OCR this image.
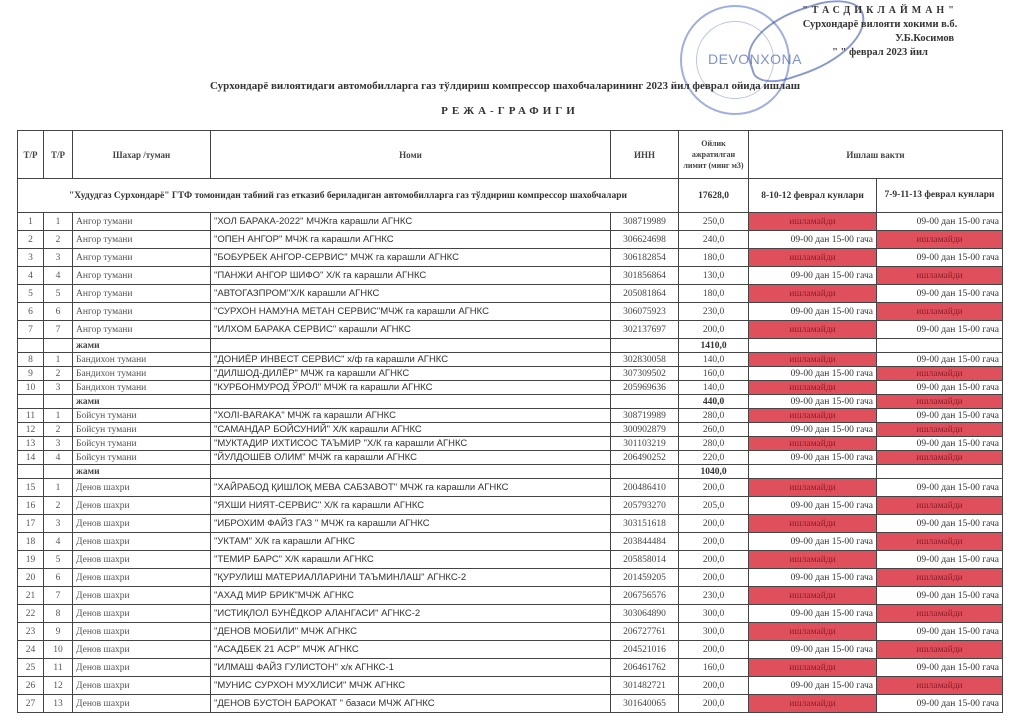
DEVONXONA
"ТАСДИКЛАЙМАН"
Сурхондарё вилояти хокими в.б.
У.Б.Косимов
" " феврал 2023 йил
Сурхондарё вилоятидаги автомобилларга газ тўлдириш компрессор шахобчаларининг 2023 йил феврал ойида ишлаш
РЕЖА-ГРАФИГИ
Т/Р	Т/Р	Шахар /туман	Номи	ИНН	Ойлик ажратилган лимит (минг м3)	Ишлаш вакти	
"Худудгаз Сурхондарё" ГТФ томонидан табиий газ етказиб бериладиган автомобилларга газ тўлдириш компрессор шахобчалари					17628,0	8-10-12 феврал кунлари	7-9-11-13 феврал кунлари
1	1	Ангор тумани	"ХОЛ БАРАКА-2022" МЧЖга карашли АГНКС	308719989	250,0	ишламайди	09-00 дан 15-00 гача
2	2	Ангор тумани	"ОПЕН АНГОР" МЧЖ га карашли АГНКС	306624698	240,0	09-00 дан 15-00 гача	ишламайди
3	3	Ангор тумани	"БОБУРБЕК АНГОР-СЕРВИС" МЧЖ га карашли АГНКС	306182854	180,0	ишламайди	09-00 дан 15-00 гача
4	4	Ангор тумани	"ПАНЖИ АНГОР ШИФО" Х/К га карашли АГНКС	301856864	130,0	09-00 дан 15-00 гача	ишламайди
5	5	Ангор тумани	"АВТОГАЗПРОМ"Х/К карашли АГНКС	205081864	180,0	ишламайди	09-00 дан 15-00 гача
6	6	Ангор тумани	"СУРХОН НАМУНА МЕТАН СЕРВИС"МЧЖ га карашли АГНКС	306075923	230,0	09-00 дан 15-00 гача	ишламайди
7	7	Ангор тумани	"ИЛХОМ БАРАКА СЕРВИС" карашли АГНКС	302137697	200,0	ишламайди	09-00 дан 15-00 гача
		жами			1410,0		
8	1	Бандихон тумани	"ДОНИЁР ИНВЕСТ СЕРВИС" х/ф га карашли АГНКС	302830058	140,0	ишламайди	09-00 дан 15-00 гача
9	2	Бандихон тумани	"ДИЛШОД-ДИЛЁР" МЧЖ га карашли АГНКС	307309502	160,0	09-00 дан 15-00 гача	ишламайди
10	3	Бандихон тумани	"КУРБОНМУРОД ЎРОЛ" МЧЖ га карашли АГНКС	205969636	140,0	ишламайди	09-00 дан 15-00 гача
		жами			440,0	09-00 дан 15-00 гача	ишламайди
11	1	Бойсун тумани	"ХОЛI-BARAKA" МЧЖ га карашли АГНКС	308719989	280,0	ишламайди	09-00 дан 15-00 гача
12	2	Бойсун тумани	"САМАНДАР БОЙСУНИЙ" Х/К карашли АГНКС	300902879	260,0	09-00 дан 15-00 гача	ишламайди
13	3	Бойсун тумани	"МУКТАДИР ИХТИСОС ТАЪМИР "Х/К га карашли АГНКС	301103219	280,0	ишламайди	09-00 дан 15-00 гача
14	4	Бойсун тумани	"ЙУЛДОШЕВ ОЛИМ" МЧЖ га карашли АГНКС	206490252	220,0	09-00 дан 15-00 гача	ишламайди
		жами			1040,0		
15	1	Денов шахри	"ХАЙРАБОД ҚИШЛОҚ МЕВА САБЗАВОТ" МЧЖ га карашли АГНКС	200486410	200,0	ишламайди	09-00 дан 15-00 гача
16	2	Денов шахри	"ЯХШИ НИЯТ-СЕРВИС" Х/К га карашли АГНКС	205793270	205,0	09-00 дан 15-00 гача	ишламайди
17	3	Денов шахри	"ИБРОХИМ ФАЙЗ ГАЗ " МЧЖ га карашли АГНКС	303151618	200,0	ишламайди	09-00 дан 15-00 гача
18	4	Денов шахри	"УКТАМ" Х/К га карашли АГНКС	203844484	200,0	09-00 дан 15-00 гача	ишламайди
19	5	Денов шахри	"ТЕМИР БАРС" Х/К карашли АГНКС	205858014	200,0	ишламайди	09-00 дан 15-00 гача
20	6	Денов шахри	"ҚУРУЛИШ МАТЕРИАЛЛАРИНИ ТАЪМИНЛАШ" АГНКС-2	201459205	200,0	09-00 дан 15-00 гача	ишламайди
21	7	Денов шахри	"АХАД МИР БРИК"МЧЖ АГНКС	206756576	230,0	ишламайди	09-00 дан 15-00 гача
22	8	Денов шахри	"ИСТИҚЛОЛ БУНЁДКОР АЛАНГАСИ" АГНКС-2	303064890	300,0	09-00 дан 15-00 гача	ишламайди
23	9	Денов шахри	"ДЕНОВ МОБИЛИ" МЧЖ АГНКС	206727761	300,0	ишламайди	09-00 дан 15-00 гача
24	10	Денов шахри	"АСАДБЕК 21 АСР" МЧЖ АГНКС	204521016	200,0	09-00 дан 15-00 гача	ишламайди
25	11	Денов шахри	"ИЛМАШ ФАЙЗ ГУЛИСТОН" х/к АГНКС-1	206461762	160,0	ишламайди	09-00 дан 15-00 гача
26	12	Денов шахри	"МУНИС СУРХОН МУХЛИСИ" МЧЖ АГНКС	301482721	200,0	09-00 дан 15-00 гача	ишламайди
27	13	Денов шахри	"ДЕНОВ БУСТОН БАРОКАТ " базаси МЧЖ АГНКС	301640065	200,0	ишламайди	09-00 дан 15-00 гача
